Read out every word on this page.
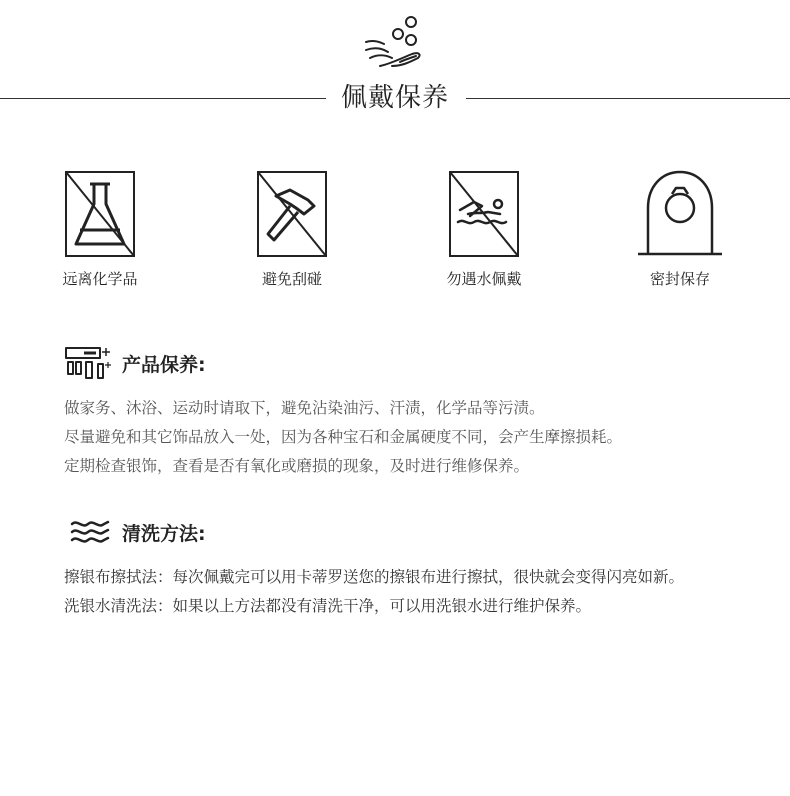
佩戴保养
远离化学品	避免刮碰	勿遇水佩戴	密封保存
产品保养:
做家务、沐浴、运动时请取下，避免沾染油污、汗渍，化学品等污渍。
尽量避免和其它饰品放入一处，因为各种宝石和金属硬度不同，会产生摩擦损耗。
定期检查银饰，查看是否有氧化或磨损的现象，及时进行维修保养。
清洗方法:
擦银布擦拭法：每次佩戴完可以用卡蒂罗送您的擦银布进行擦拭，很快就会变得闪亮如新。
洗银水清洗法：如果以上方法都没有清洗干净，可以用洗银水进行维护保养。
